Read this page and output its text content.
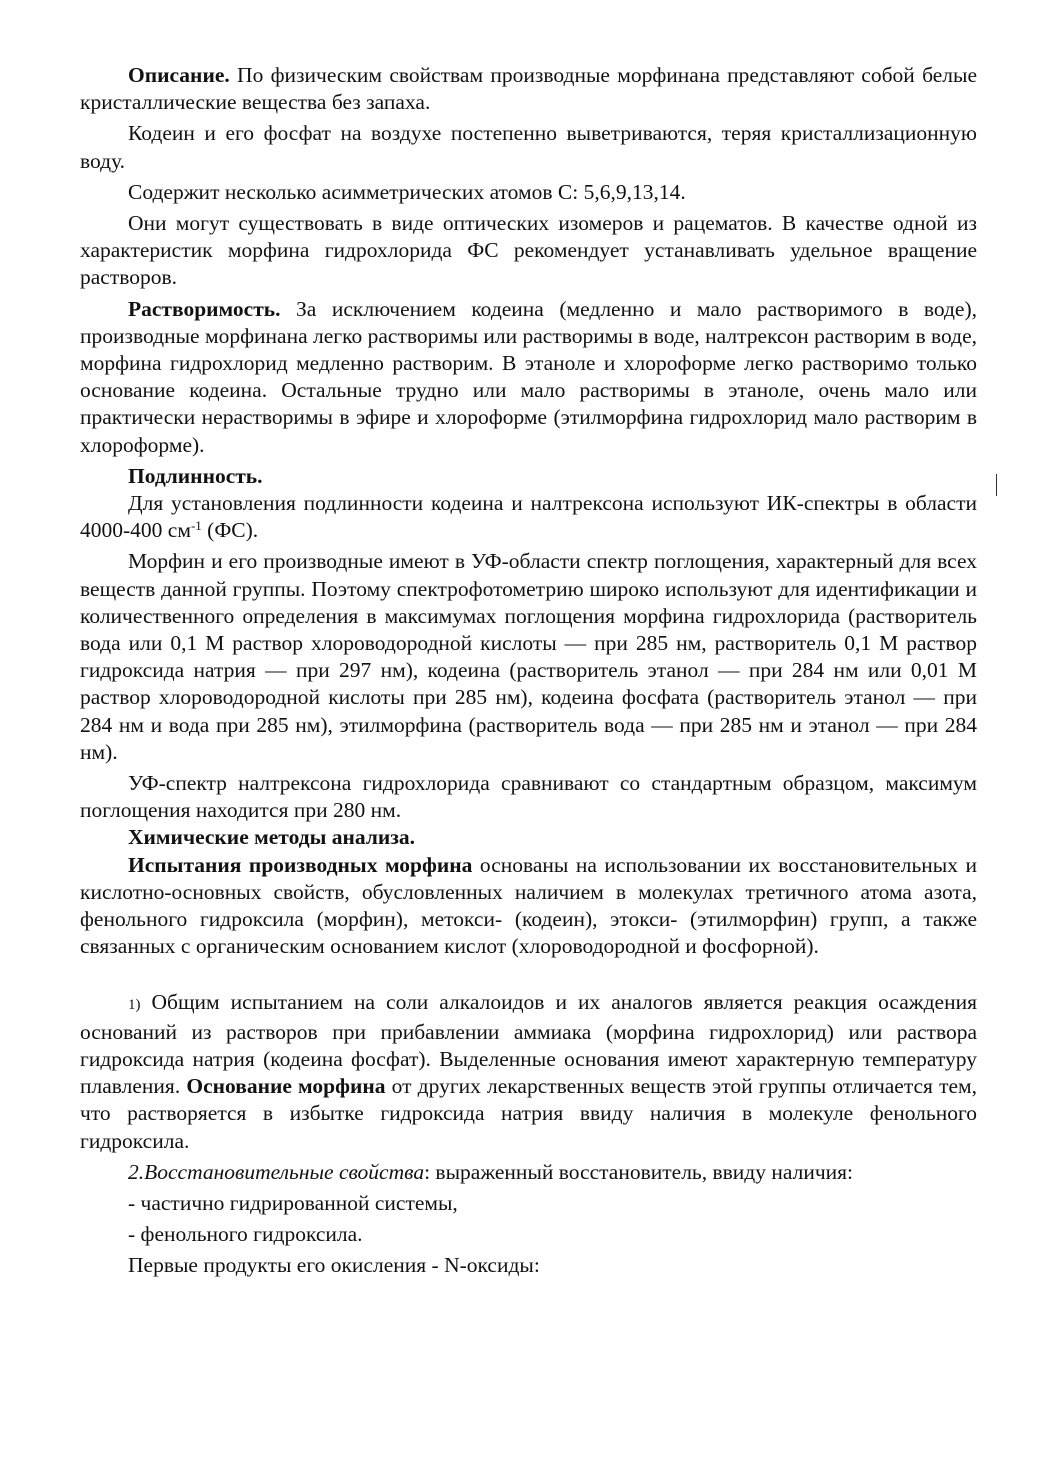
Описание. По физическим свойствам производные морфинана представляют собой белые кристаллические вещества без запаха.

Кодеин и его фосфат на воздухе постепенно выветриваются, теряя кристаллизационную воду.

Содержит несколько асимметрических атомов С: 5,6,9,13,14.

Они могут существовать в виде оптических изомеров и рацематов. В качестве одной из характеристик морфина гидрохлорида ФС рекомендует устанавливать удельное вращение растворов.

Растворимость. За исключением кодеина (медленно и мало растворимого в воде), производные морфинана легко растворимы или растворимы в воде, налтрексон растворим в воде, морфина гидрохлорид медленно растворим. В этаноле и хлороформе легко растворимо только основание кодеина. Остальные трудно или мало растворимы в этаноле, очень мало или практически нерастворимы в эфире и хлороформе (этилморфина гидрохлорид мало растворим в хлороформе).

Подлинность.

Для установления подлинности кодеина и налтрексона используют ИК-спектры в области 4000-400 $см^{-1}$ (ФС).

Морфин и его производные имеют в УФ-области спектр поглощения, характерный для всех веществ данной группы. Поэтому спектрофотометрию широко используют для идентификации и количественного определения в максимумах поглощения морфина гидрохлорида (растворитель вода или 0,1 М раствор хлороводородной кислоты — при 285 нм, растворитель 0,1 М раствор гидроксида натрия — при 297 нм), кодеина (растворитель этанол — при 284 нм или 0,01 М раствор хлороводородной кислоты при 285 нм), кодеина фосфата (растворитель этанол — при 284 нм и вода при 285 нм), этилморфина (растворитель вода — при 285 нм и этанол — при 284 нм).

УФ-спектр налтрексона гидрохлорида сравнивают со стандартным образцом, максимум поглощения находится при 280 нм.

Химические методы анализа.

Испытания производных морфина основаны на использовании их восстановительных и кислотно-основных свойств, обусловленных наличием в молекулах третичного атома азота, фенольного гидроксила (морфин), метокси- (кодеин), этокси- (этилморфин) групп, а также связанных с органическим основанием кислот (хлороводородной и фосфорной).

1) Общим испытанием на соли алкалоидов и их аналогов является реакция осаждения оснований из растворов при прибавлении аммиака (морфина гидрохлорид) или раствора гидроксида натрия (кодеина фосфат). Выделенные основания имеют характерную температуру плавления. Основание морфина от других лекарственных веществ этой группы отличается тем, что растворяется в избытке гидроксида натрия ввиду наличия в молекуле фенольного гидроксила.

2.Восстановительные свойства: выраженный восстановитель, ввиду наличия:

- частично гидрированной системы,

- фенольного гидроксила.

Первые продукты его окисления - N-оксиды:
